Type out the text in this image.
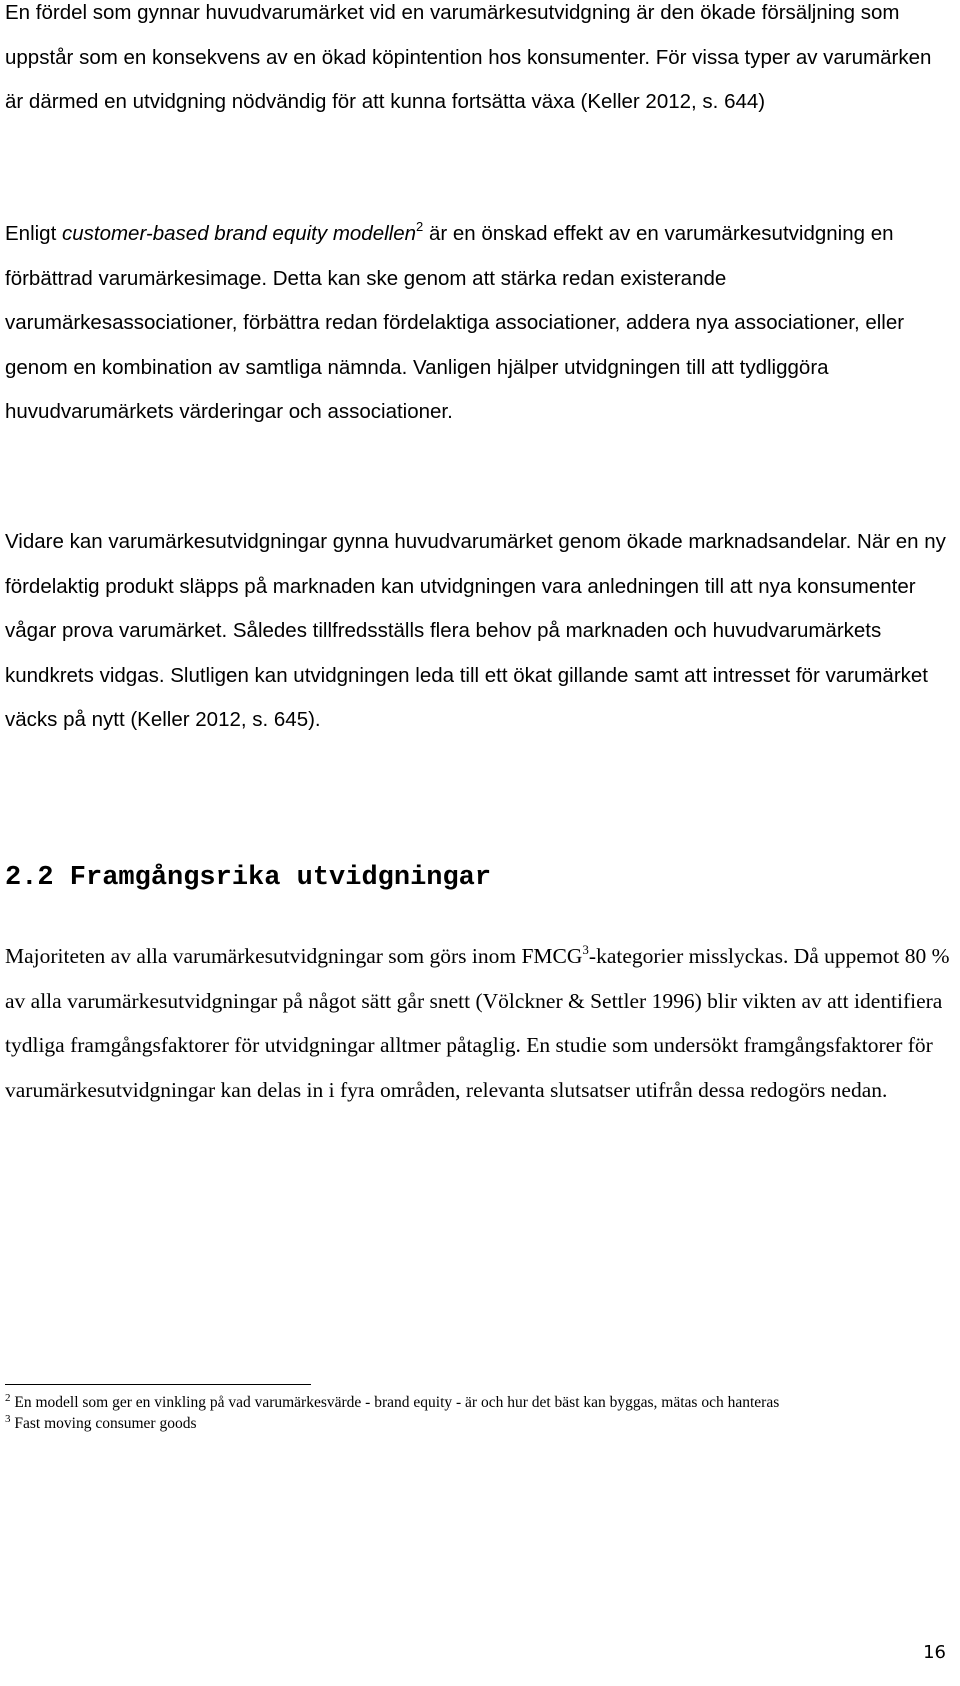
En fördel som gynnar huvudvarumärket vid en varumärkesutvidgning är den ökade försäljning som uppstår som en konsekvens av en ökad köpintention hos konsumenter. För vissa typer av varumärken är därmed en utvidgning nödvändig för att kunna fortsätta växa (Keller 2012, s. 644)

Enligt customer-based brand equity modellen$^2$ är en önskad effekt av en varumärkesutvidgning en förbättrad varumärkesimage. Detta kan ske genom att stärka redan existerande varumärkesassociationer, förbättra redan fördelaktiga associationer, addera nya associationer, eller genom en kombination av samtliga nämnda. Vanligen hjälper utvidgningen till att tydliggöra huvudvarumärkets värderingar och associationer.

Vidare kan varumärkesutvidgningar gynna huvudvarumärket genom ökade marknadsandelar. När en ny fördelaktig produkt släpps på marknaden kan utvidgningen vara anledningen till att nya konsumenter vågar prova varumärket. Således tillfredsställs flera behov på marknaden och huvudvarumärkets kundkrets vidgas. Slutligen kan utvidgningen leda till ett ökat gillande samt att intresset för varumärket väcks på nytt (Keller 2012, s. 645).

2.2 Framgångsrika utvidgningar

Majoriteten av alla varumärkesutvidgningar som görs inom FMCG$^3$-kategorier misslyckas. Då uppemot 80 % av alla varumärkesutvidgningar på något sätt går snett (Völckner & Settler 1996) blir vikten av att identifiera tydliga framgångsfaktorer för utvidgningar alltmer påtaglig. En studie som undersökt framgångsfaktorer för varumärkesutvidgningar kan delas in i fyra områden, relevanta slutsatser utifrån dessa redogörs nedan.

$^2$ En modell som ger en vinkling på vad varumärkesvärde - brand equity - är och hur det bäst kan byggas, mätas och hanteras
$^3$ Fast moving consumer goods
16
